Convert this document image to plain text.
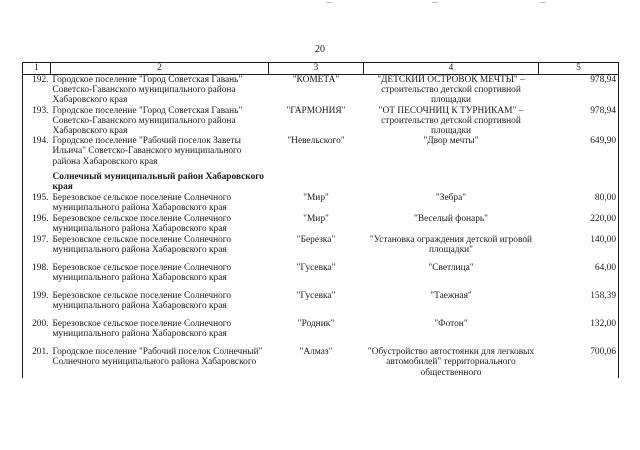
20
1	2	3	4	5
192.	Городское поселение "Город Советская Гавань" Советско-Гаванского муниципального района Хабаровского края	"КОМЕТА"	"ДЕТСКИЙ ОСТРОВОК МЕЧТЫ" – строительство детской спортивной площадки	978,94
193.	Городское поселение "Город Советская Гавань" Советско-Гаванского муниципального района Хабаровского края	"ГАРМОНИЯ"	"ОТ ПЕСОЧНИЦ К ТУРНИКАМ" – строительство детской спортивной площадки	978,94
194.	Городское поселение "Рабочий поселок Заветы Ильича" Советско-Гаванского муниципального района Хабаровского края	"Невельского"	"Двор мечты"	649,90
	Солнечный муниципальный район Хабаровского края			
195.	Березовское сельское поселение Солнечного муниципального района Хабаровского края	"Мир"	"Зебра"	80,00
196.	Березовское сельское поселение Солнечного муниципального района Хабаровского края	"Мир"	"Веселый фонарь"	220,00
197.	Березовское сельское поселение Солнечного муниципального района Хабаровского края	"Березка"	"Установка ограждения детской игровой площадки"	140,00
198.	Березовское сельское поселение Солнечного муниципального района Хабаровского края	"Гусевка"	"Светлица"	64,00
199.	Березовское сельское поселение Солнечного муниципального района Хабаровского края	"Гусевка"	"Таежная"	158,39
200.	Березовское сельское поселение Солнечного муниципального района Хабаровского края	"Родник"	"Фотон"	132,00
201.	Городское поселение "Рабочий поселок Солнечный" Солнечного муниципального района Хабаровского	"Алмаз"	"Обустройство автостоянки для легковых автомобилей" территориального общественного	700,06
